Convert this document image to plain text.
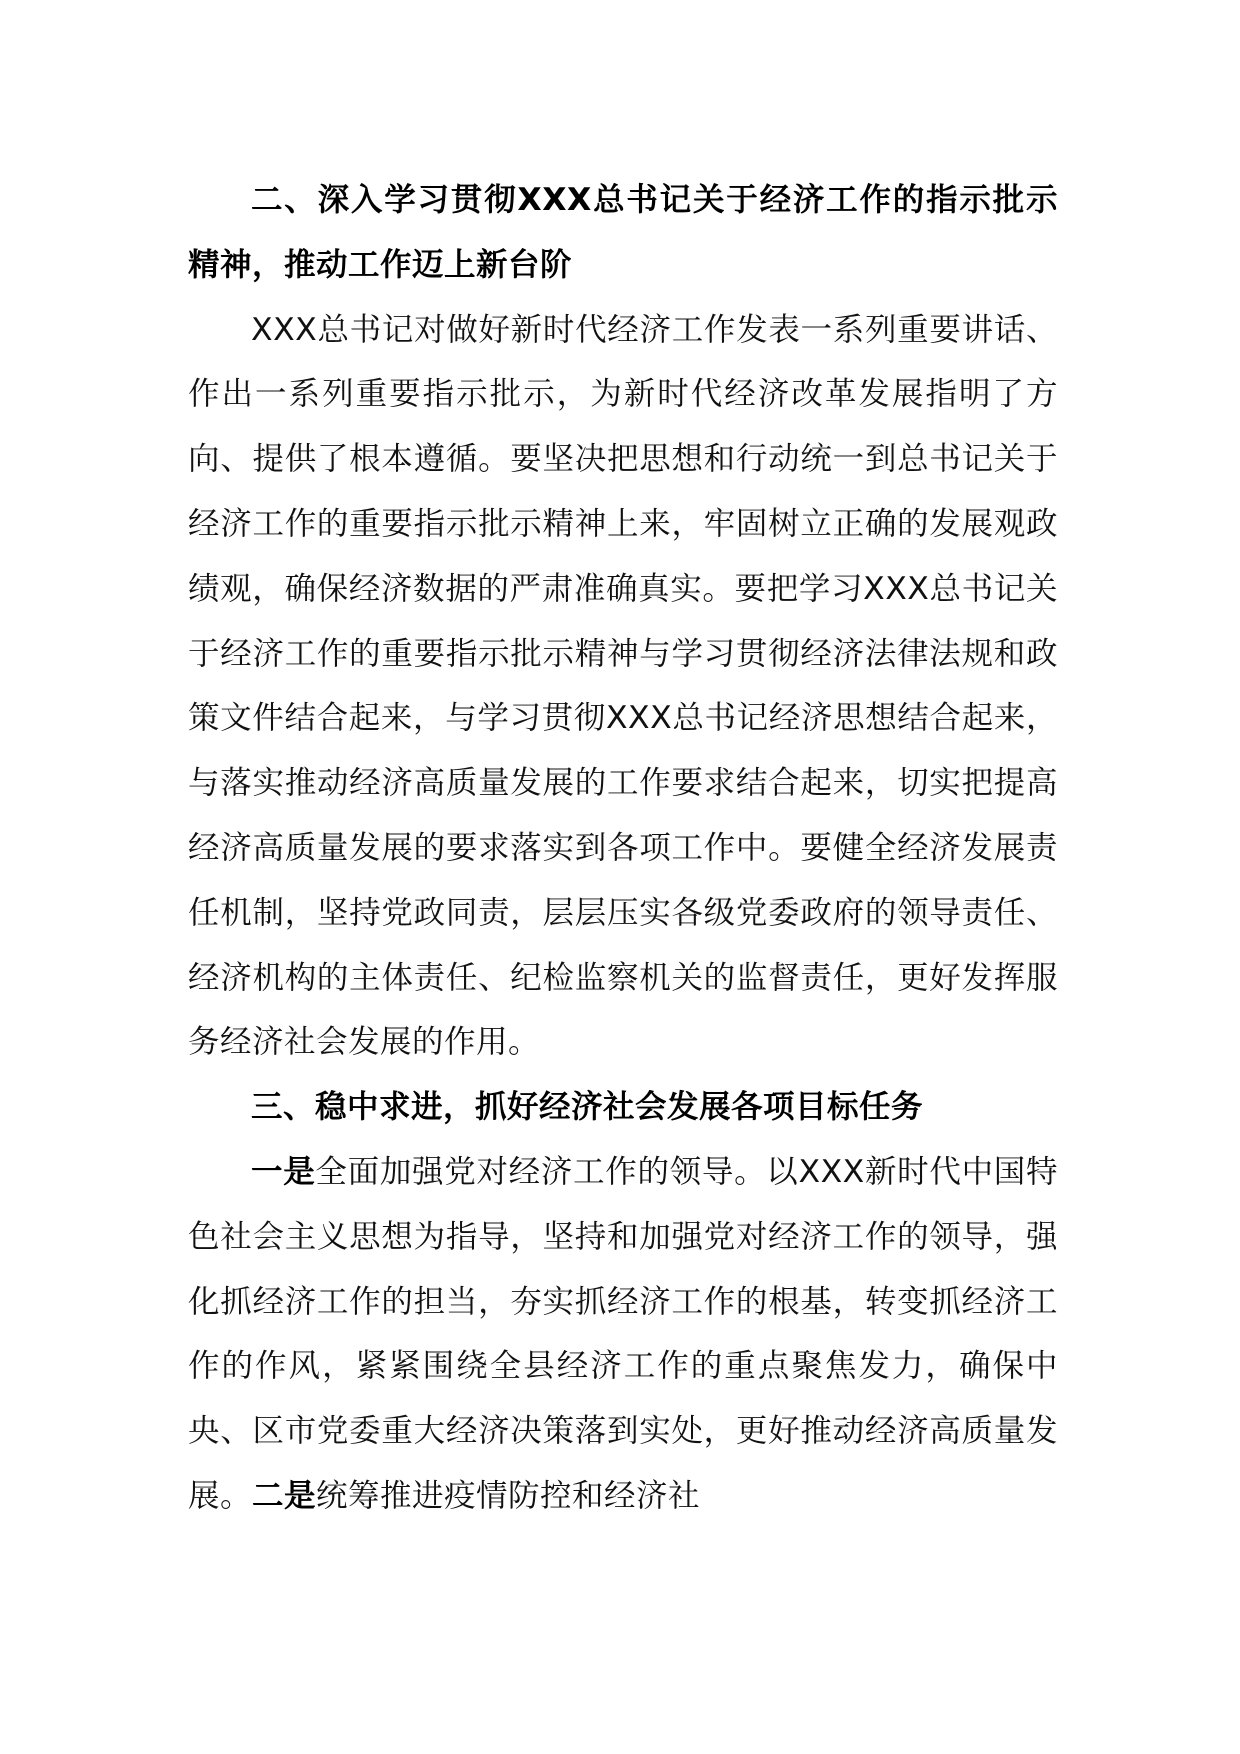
二、深入学习贯彻XXX总书记关于经济工作的指示批示精神，推动工作迈上新台阶

XXX总书记对做好新时代经济工作发表一系列重要讲话、作出一系列重要指示批示，为新时代经济改革发展指明了方向、提供了根本遵循。要坚决把思想和行动统一到总书记关于经济工作的重要指示批示精神上来，牢固树立正确的发展观政绩观，确保经济数据的严肃准确真实。要把学习XXX总书记关于经济工作的重要指示批示精神与学习贯彻经济法律法规和政策文件结合起来，与学习贯彻XXX总书记经济思想结合起来，与落实推动经济高质量发展的工作要求结合起来，切实把提高经济高质量发展的要求落实到各项工作中。要健全经济发展责任机制，坚持党政同责，层层压实各级党委政府的领导责任、经济机构的主体责任、纪检监察机关的监督责任，更好发挥服务经济社会发展的作用。

三、稳中求进，抓好经济社会发展各项目标任务

一是全面加强党对经济工作的领导。以XXX新时代中国特色社会主义思想为指导，坚持和加强党对经济工作的领导，强化抓经济工作的担当，夯实抓经济工作的根基，转变抓经济工作的作风，紧紧围绕全县经济工作的重点聚焦发力，确保中央、区市党委重大经济决策落到实处，更好推动经济高质量发展。二是统筹推进疫情防控和经济社
